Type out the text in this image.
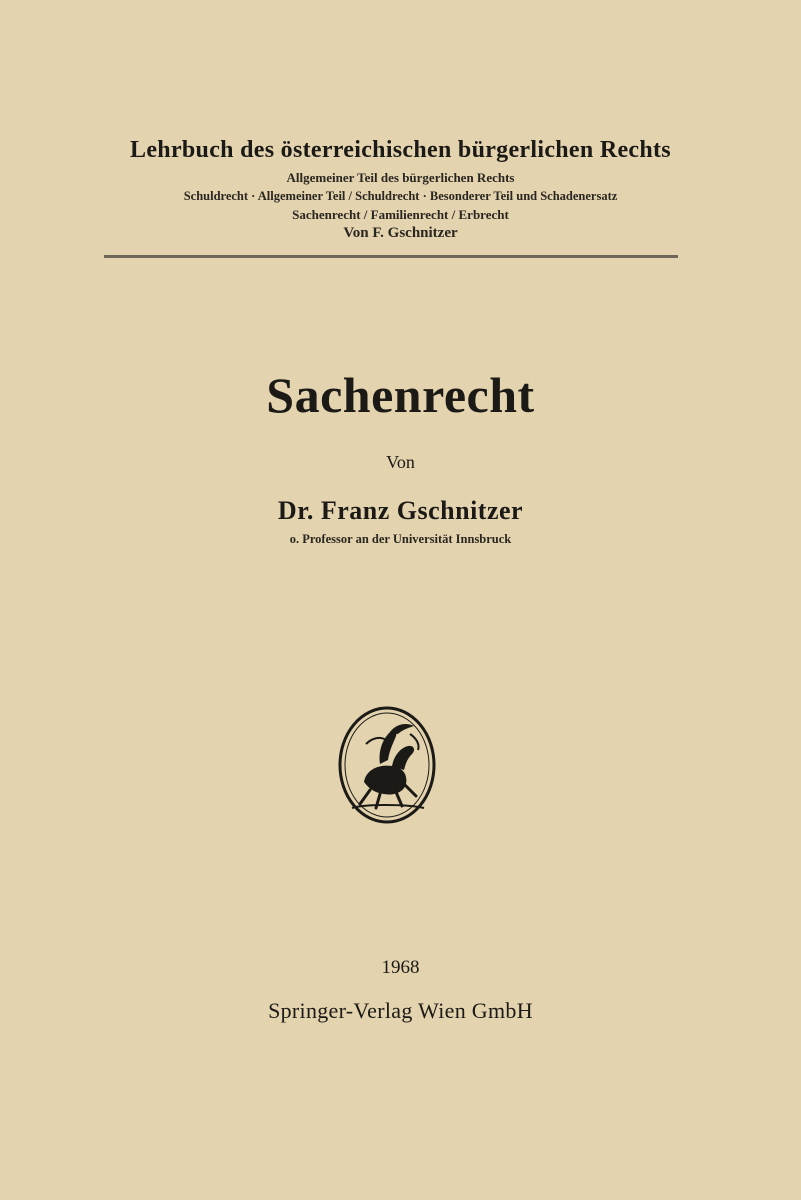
Lehrbuch des österreichischen bürgerlichen Rechts
Allgemeiner Teil des bürgerlichen Rechts
Schuldrecht · Allgemeiner Teil / Schuldrecht · Besonderer Teil und Schadenersatz
Sachenrecht / Familienrecht / Erbrecht
Von F. Gschnitzer
Sachenrecht
Von
Dr. Franz Gschnitzer
o. Professor an der Universität Innsbruck
1968
Springer-Verlag Wien GmbH
